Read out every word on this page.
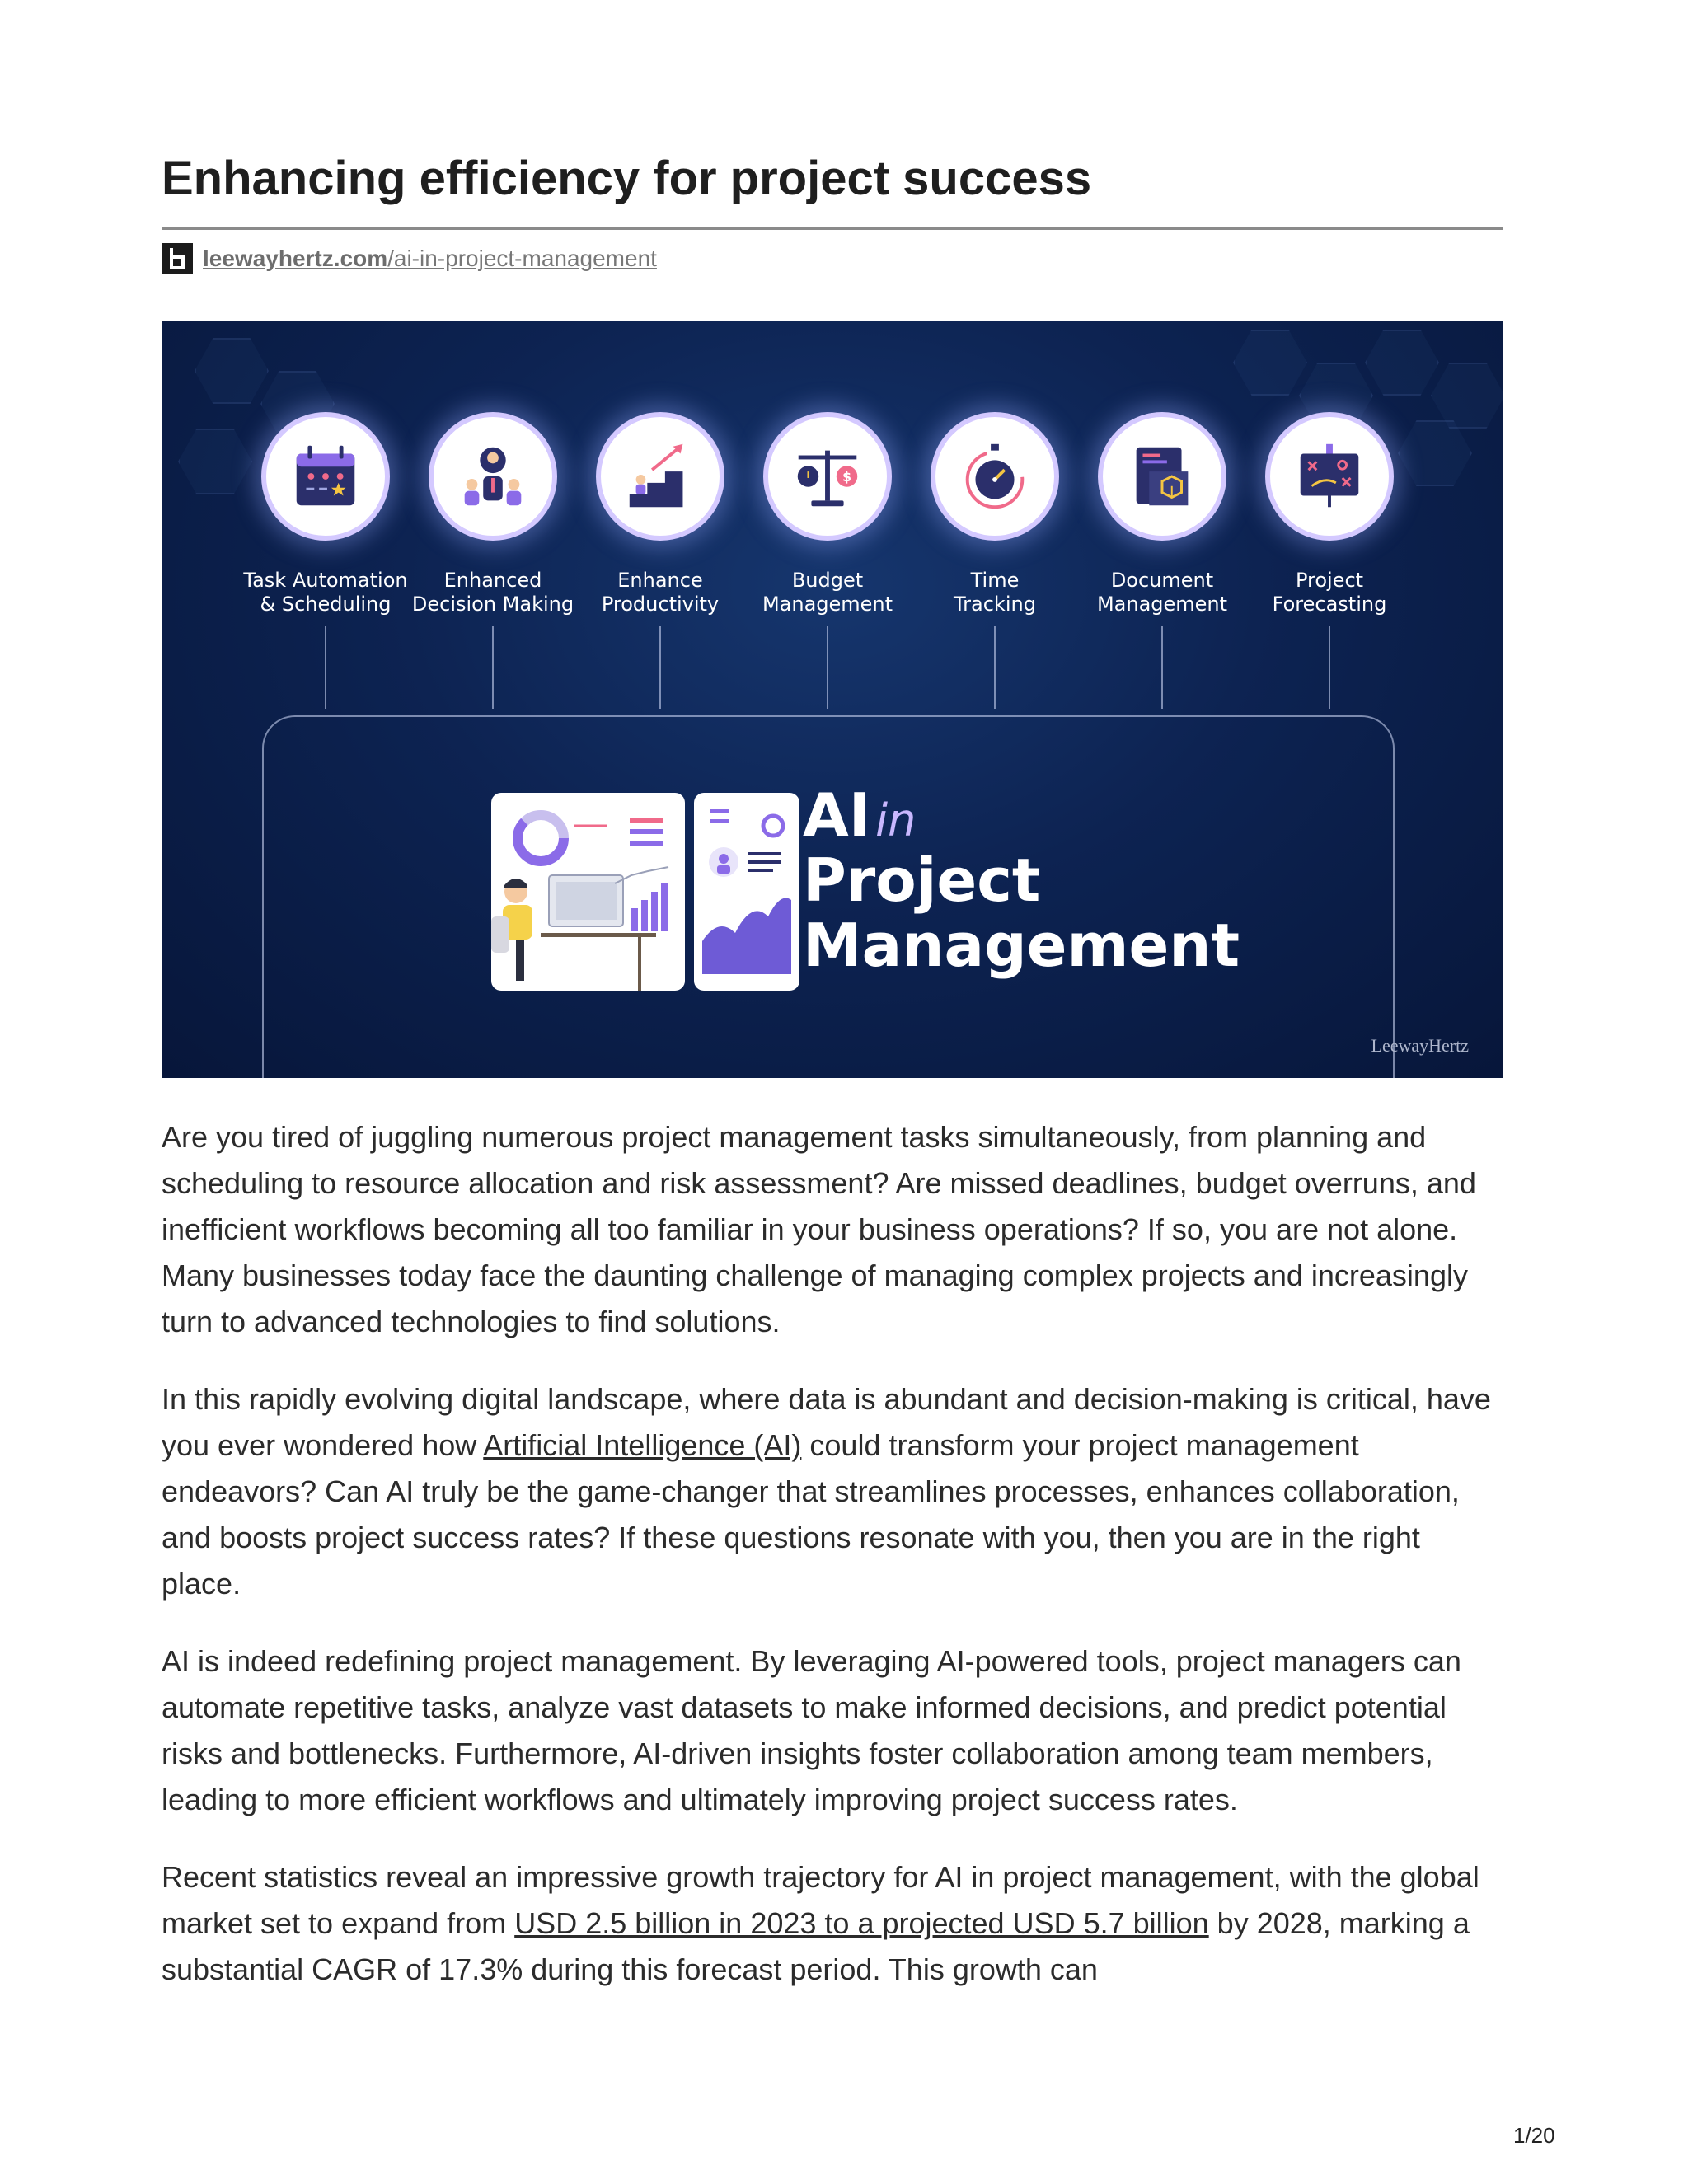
Enhancing efficiency for project success
leewayhertz.com/ai-in-project-management
Task Automation
& Scheduling
Enhanced
Decision Making
Enhance
Productivity
$
Budget
Management
Time
Tracking
Document
Management
Project
Forecasting
AI in
Project
Management
LeewayHertz

Are you tired of juggling numerous project management tasks simultaneously, from planning and scheduling to resource allocation and risk assessment? Are missed deadlines, budget overruns, and inefficient workflows becoming all too familiar in your business operations? If so, you are not alone. Many businesses today face the daunting challenge of managing complex projects and increasingly turn to advanced technologies to find solutions.

In this rapidly evolving digital landscape, where data is abundant and decision-making is critical, have you ever wondered how Artificial Intelligence (AI) could transform your project management endeavors? Can AI truly be the game-changer that streamlines processes, enhances collaboration, and boosts project success rates? If these questions resonate with you, then you are in the right place.

AI is indeed redefining project management. By leveraging AI-powered tools, project managers can automate repetitive tasks, analyze vast datasets to make informed decisions, and predict potential risks and bottlenecks. Furthermore, AI-driven insights foster collaboration among team members, leading to more efficient workflows and ultimately improving project success rates.

Recent statistics reveal an impressive growth trajectory for AI in project management, with the global market set to expand from USD 2.5 billion in 2023 to a projected USD 5.7 billion by 2028, marking a substantial CAGR of 17.3% during this forecast period. This growth can

1/20
